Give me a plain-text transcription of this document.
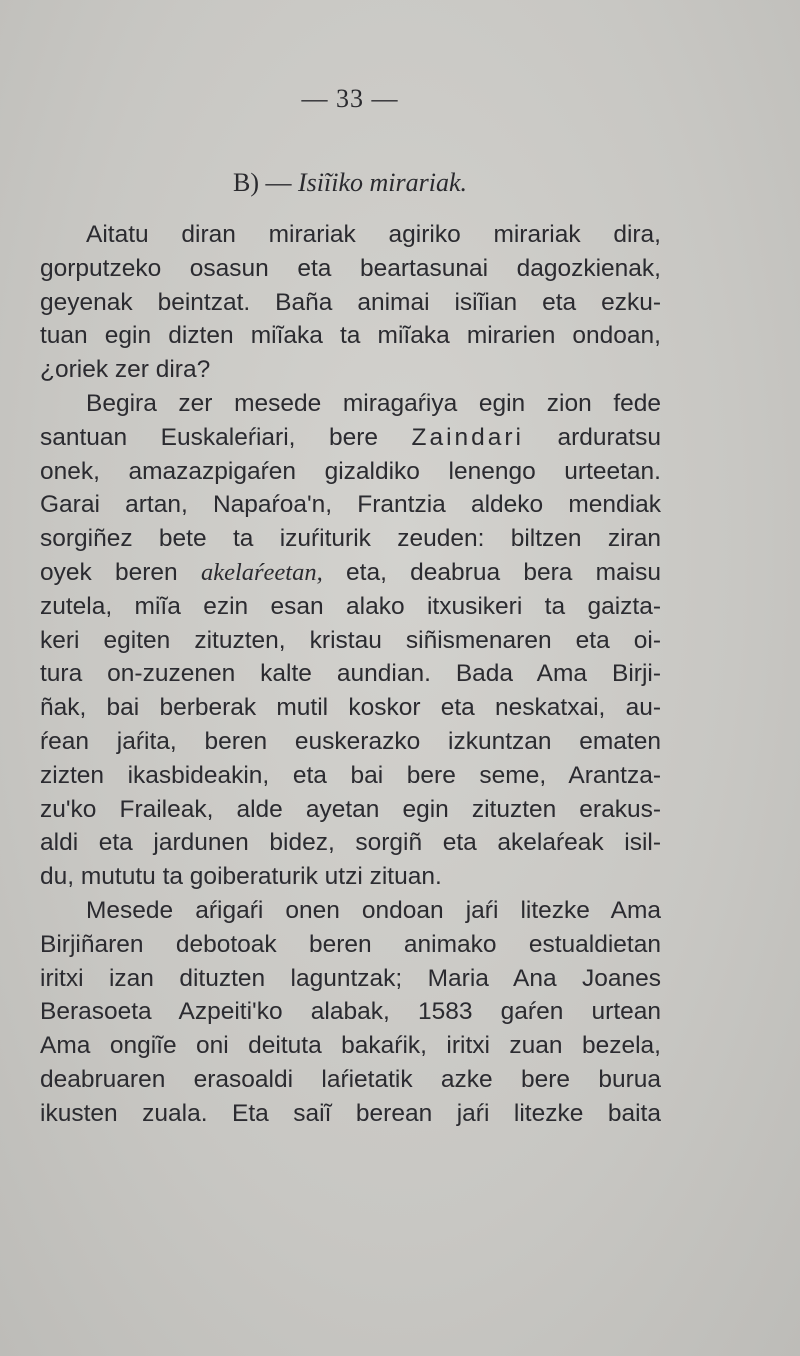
— 33 —
B) — Isiĩiko mirariak.
Aitatu diran mirariak agiriko mirariak dira,
gorputzeko osasun eta beartasunai dagozkienak,
geyenak beintzat. Baña animai isiĩian eta ezku-
tuan egin dizten miĩaka ta miĩaka mirarien ondoan,
¿oriek zer dira?
Begira zer mesede miragaŕiya egin zion fede
santuan Euskaleŕiari, bere Zaindari arduratsu
onek, amazazpigaŕen gizaldiko lenengo urteetan.
Garai artan, Napaŕoa'n, Frantzia aldeko mendiak
sorgiñez bete ta izuŕiturik zeuden: biltzen ziran
oyek beren akelaŕeetan, eta, deabrua bera maisu
zutela, miĩa ezin esan alako itxusikeri ta gaizta-
keri egiten zituzten, kristau siñismenaren eta oi-
tura on-zuzenen kalte aundian. Bada Ama Birji-
ñak, bai berberak mutil koskor eta neskatxai, au-
ŕean jaŕita, beren euskerazko izkuntzan ematen
zizten ikasbideakin, eta bai bere seme, Arantza-
zu'ko Fraileak, alde ayetan egin zituzten erakus-
aldi eta jardunen bidez, sorgiñ eta akelaŕeak isil-
du, mututu ta goiberaturik utzi zituan.
Mesede aŕigaŕi onen ondoan jaŕi litezke Ama
Birjiñaren debotoak beren animako estualdietan
iritxi izan dituzten laguntzak; Maria Ana Joanes
Berasoeta Azpeiti'ko alabak, 1583 gaŕen urtean
Ama ongiĩe oni deituta bakaŕik, iritxi zuan bezela,
deabruaren erasoaldi laŕietatik azke bere burua
ikusten zuala. Eta saiĩ berean jaŕi litezke baita
